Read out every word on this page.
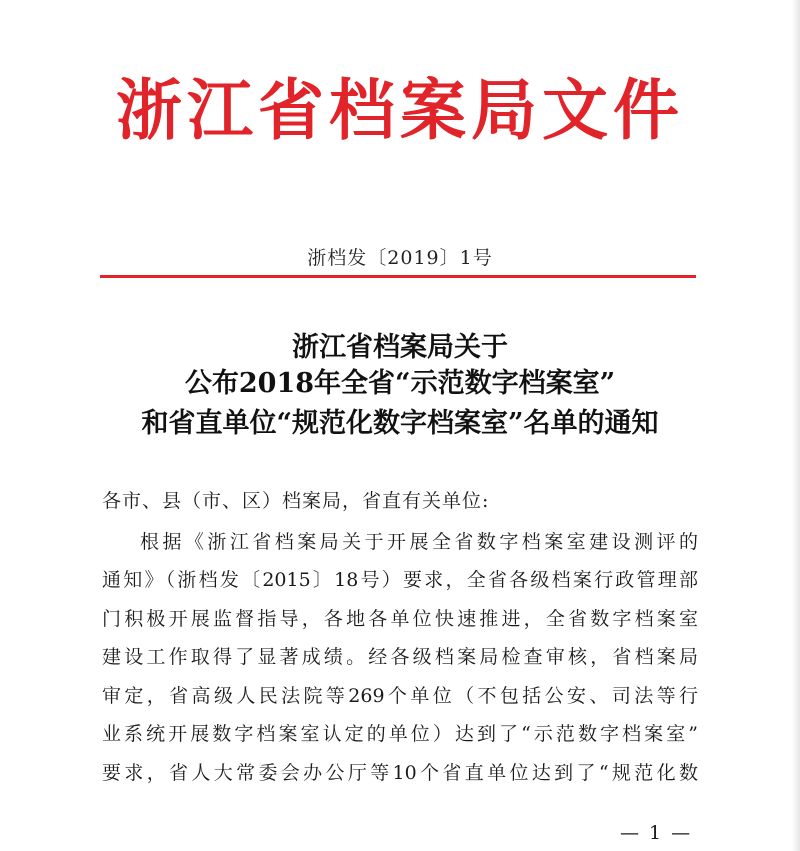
浙江省档案局文件
浙档发〔2019〕1号
浙江省档案局关于
公布2018年全省“示范数字档案室”
和省直单位“规范化数字档案室”名单的通知
各市、县（市、区）档案局，省直有关单位:
根据《浙江省档案局关于开展全省数字档案室建设测评的
通知》（浙档发〔2015〕18号）要求，全省各级档案行政管理部
门积极开展监督指导，各地各单位快速推进，全省数字档案室
建设工作取得了显著成绩。经各级档案局检查审核，省档案局
审定，省高级人民法院等269个单位（不包括公安、司法等行
业系统开展数字档案室认定的单位）达到了“示范数字档案室”
要求，省人大常委会办公厅等10个省直单位达到了“规范化数
— 1 —
